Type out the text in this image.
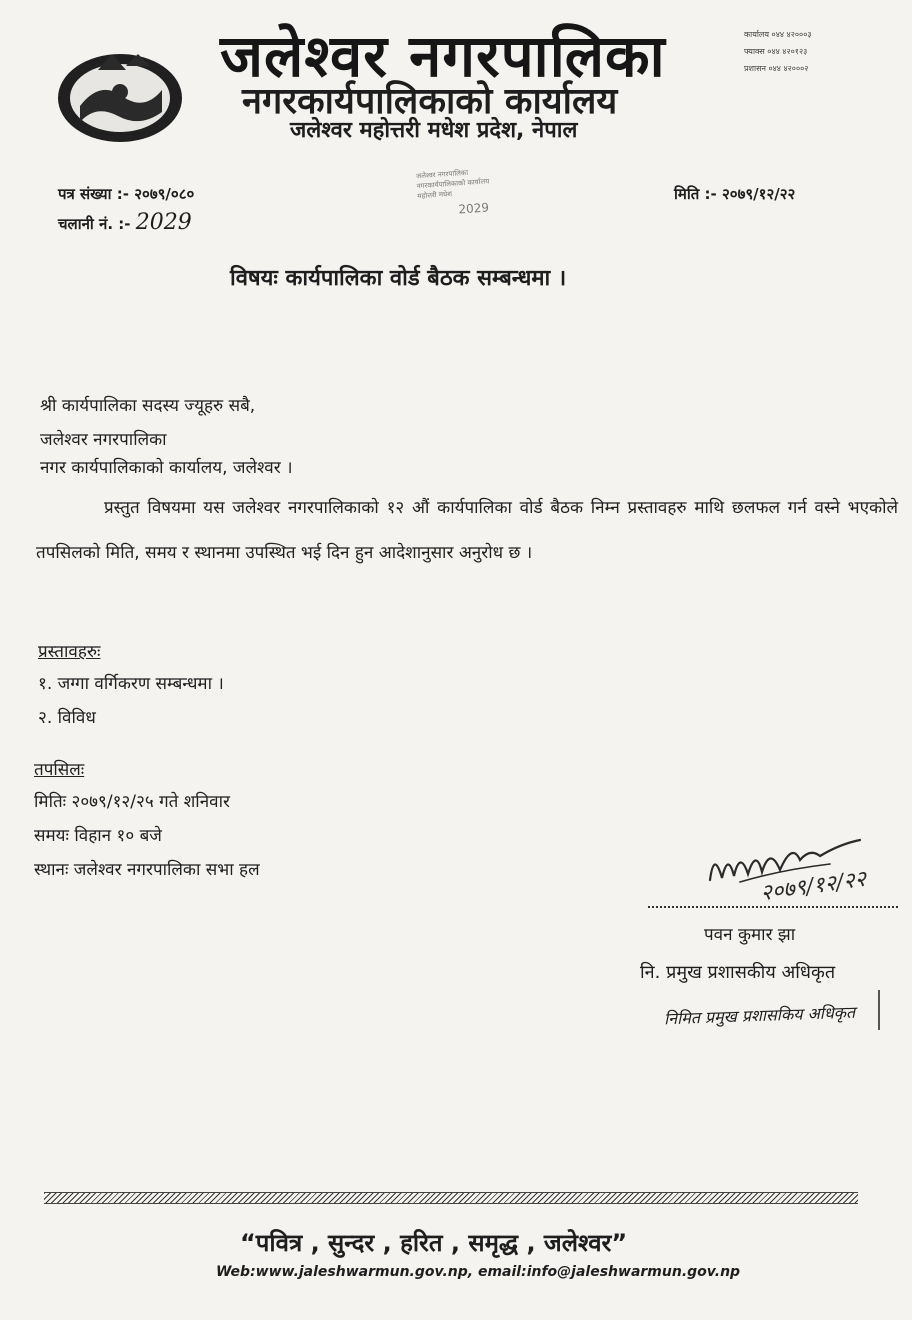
जलेश्वर नगरपालिका
नगरकार्यपालिकाको कार्यालय
जलेश्वर महोत्तरी मधेश प्रदेश, नेपाल
कार्यालय ०४४ ४२०००३
फ्याक्स ०४४ ४२०१२३
प्रशासन ०४४ ४२०००२
पत्र संख्या :- २०७९/०८०
चलानी नं. :- 2029
मिति :- २०७९/१२/२२
जलेश्वर नगरपालिका
नगरकार्यपालिकाको कार्यालय
महोत्तरी मधेश
2029
विषयः कार्यपालिका वोर्ड बैठक सम्बन्धमा ।
श्री कार्यपालिका सदस्य ज्यूहरु सबै,
जलेश्वर नगरपालिका
नगर कार्यपालिकाको कार्यालय, जलेश्वर ।
प्रस्तुत विषयमा यस जलेश्वर नगरपालिकाको १२ औं कार्यपालिका वोर्ड बैठक निम्न प्रस्तावहरु माथि छलफल गर्न वस्ने भएकोले तपसिलको मिति, समय र स्थानमा उपस्थित भई दिन हुन आदेशानुसार अनुरोध छ ।
प्रस्तावहरुः
१. जग्गा वर्गिकरण सम्बन्धमा ।
२. विविध
तपसिलः
मितिः २०७९/१२/२५ गते शनिवार
समयः विहान १० बजे
स्थानः जलेश्वर नगरपालिका सभा हल	२०७९/१२/२२
पवन कुमार झा
नि. प्रमुख प्रशासकीय अधिकृत
निमित प्रमुख प्रशासकिय अधिकृत
“पवित्र , सुन्दर , हरित , समृद्ध , जलेश्वर”
Web:www.jaleshwarmun.gov.np, email:info@jaleshwarmun.gov.np
